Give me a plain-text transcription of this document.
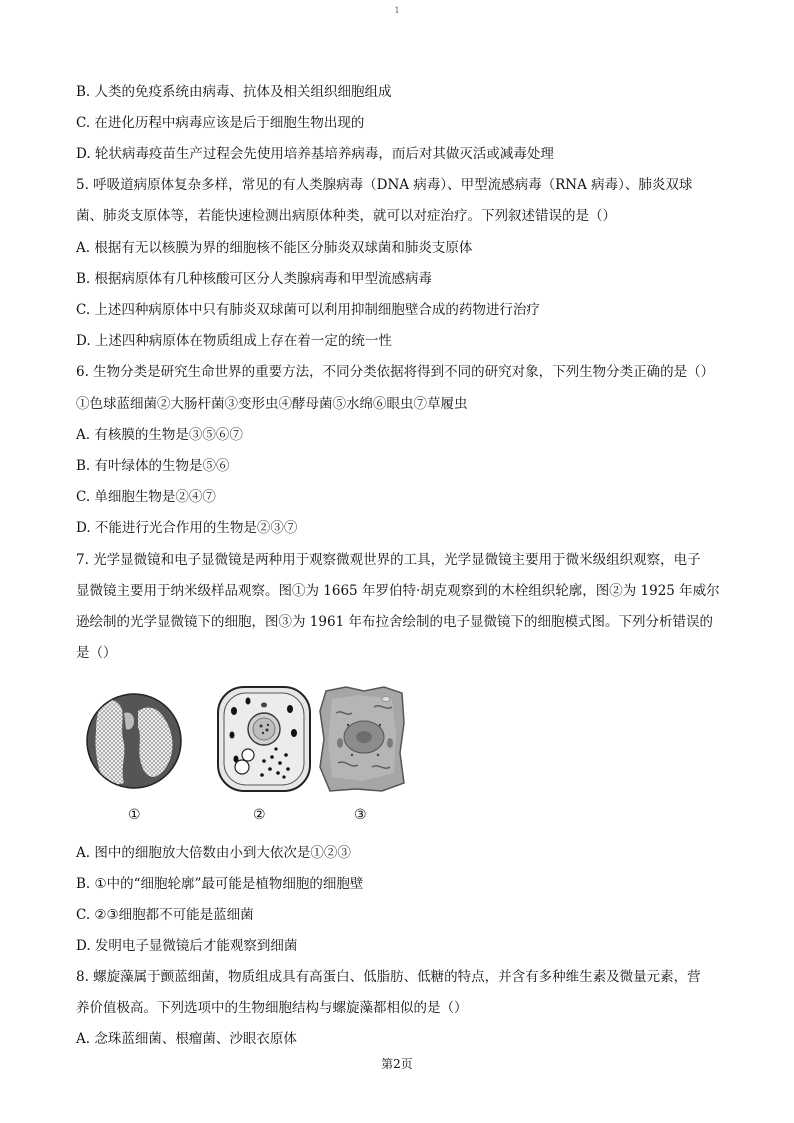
1
B. 人类的免疫系统由病毒、抗体及相关组织细胞组成
C. 在进化历程中病毒应该是后于细胞生物出现的
D. 轮状病毒疫苗生产过程会先使用培养基培养病毒，而后对其做灭活或减毒处理
5. 呼吸道病原体复杂多样，常见的有人类腺病毒（DNA 病毒）、甲型流感病毒（RNA 病毒）、肺炎双球
菌、肺炎支原体等，若能快速检测出病原体种类，就可以对症治疗。下列叙述错误的是（）
A. 根据有无以核膜为界的细胞核不能区分肺炎双球菌和肺炎支原体
B. 根据病原体有几种核酸可区分人类腺病毒和甲型流感病毒
C. 上述四种病原体中只有肺炎双球菌可以利用抑制细胞壁合成的药物进行治疗
D. 上述四种病原体在物质组成上存在着一定的统一性
6. 生物分类是研究生命世界的重要方法，不同分类依据将得到不同的研究对象，下列生物分类正确的是（）
①色球蓝细菌②大肠杆菌③变形虫④酵母菌⑤水绵⑥眼虫⑦草履虫
A. 有核膜的生物是③⑤⑥⑦
B. 有叶绿体的生物是⑤⑥
C. 单细胞生物是②④⑦
D. 不能进行光合作用的生物是②③⑦
7. 光学显微镜和电子显微镜是两种用于观察微观世界的工具，光学显微镜主要用于微米级组织观察，电子
显微镜主要用于纳米级样品观察。图①为 1665 年罗伯特·胡克观察到的木栓组织轮廓，图②为 1925 年威尔
逊绘制的光学显微镜下的细胞，图③为 1961 年布拉舍绘制的电子显微镜下的细胞模式图。下列分析错误的
是（）
A. 图中的细胞放大倍数由小到大依次是①②③
B. ①中的“细胞轮廓”最可能是植物细胞的细胞壁
C. ②③细胞都不可能是蓝细菌
D. 发明电子显微镜后才能观察到细菌
8. 螺旋藻属于颤蓝细菌，物质组成具有高蛋白、低脂肪、低糖的特点，并含有多种维生素及微量元素，营
养价值极高。下列选项中的生物细胞结构与螺旋藻都相似的是（）
A. 念珠蓝细菌、根瘤菌、沙眼衣原体
①	②	③
第2页
